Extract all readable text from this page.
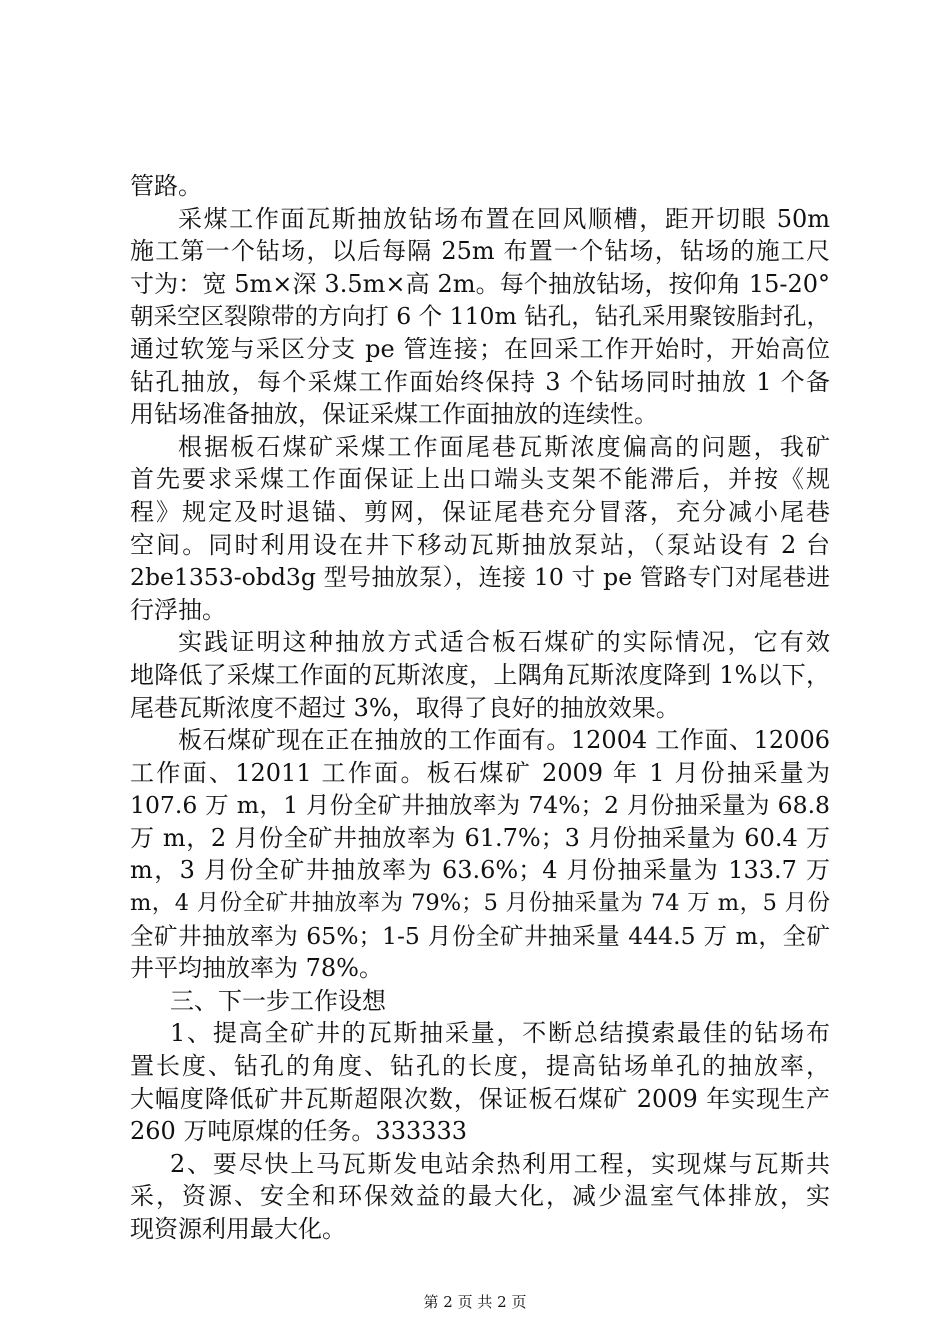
管路。
采煤工作面瓦斯抽放钻场布置在回风顺槽，距开切眼 50m
施工第一个钻场，以后每隔 25m 布置一个钻场，钻场的施工尺
寸为：宽 5m×深 3.5m×高 2m。每个抽放钻场，按仰角 15-20°
朝采空区裂隙带的方向打 6 个 110m 钻孔，钻孔采用聚铵脂封孔，
通过软笼与采区分支 pe 管连接；在回采工作开始时，开始高位
钻孔抽放，每个采煤工作面始终保持 3 个钻场同时抽放 1 个备
用钻场准备抽放，保证采煤工作面抽放的连续性。
根据板石煤矿采煤工作面尾巷瓦斯浓度偏高的问题，我矿
首先要求采煤工作面保证上出口端头支架不能滞后，并按《规
程》规定及时退锚、剪网，保证尾巷充分冒落，充分减小尾巷
空间。同时利用设在井下移动瓦斯抽放泵站，（泵站设有 2 台
2be1353-obd3g 型号抽放泵），连接 10 寸 pe 管路专门对尾巷进
行浮抽。
实践证明这种抽放方式适合板石煤矿的实际情况，它有效
地降低了采煤工作面的瓦斯浓度，上隅角瓦斯浓度降到 1%以下，
尾巷瓦斯浓度不超过 3%，取得了良好的抽放效果。
板石煤矿现在正在抽放的工作面有。12004 工作面、12006
工作面、12011 工作面。板石煤矿 2009 年 1 月份抽采量为
107.6 万 m，1 月份全矿井抽放率为 74%；2 月份抽采量为 68.8
万 m，2 月份全矿井抽放率为 61.7%；3 月份抽采量为 60.4 万
m，3 月份全矿井抽放率为 63.6%；4 月份抽采量为 133.7 万
m，4 月份全矿井抽放率为 79%；5 月份抽采量为 74 万 m，5 月份
全矿井抽放率为 65%；1-5 月份全矿井抽采量 444.5 万 m，全矿
井平均抽放率为 78%。
三、下一步工作设想
1、提高全矿井的瓦斯抽采量，不断总结摸索最佳的钻场布
置长度、钻孔的角度、钻孔的长度，提高钻场单孔的抽放率，
大幅度降低矿井瓦斯超限次数，保证板石煤矿 2009 年实现生产
260 万吨原煤的任务。333333
2、要尽快上马瓦斯发电站余热利用工程，实现煤与瓦斯共
采，资源、安全和环保效益的最大化，减少温室气体排放，实
现资源利用最大化。
第 2 页 共 2 页
